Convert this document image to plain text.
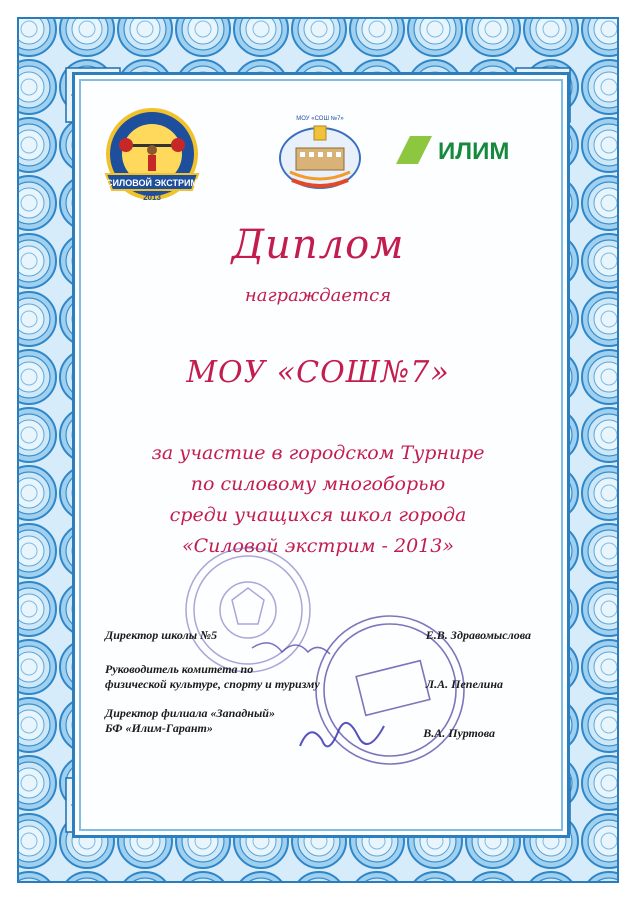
СИЛОВОЙ ЭКСТРИМ
2013
МОУ «СОШ №7»
ИЛИМ
Диплом
награждается
МОУ «СОШ№7»
за участие в городском Турнире
по силовому многоборью
среди учащихся школ города
«Силовой экстрим - 2013»
Директор школы №5	Е.В. Здравомыслова
Руководитель комитета по
физической культуре, спорту и туризму	Л.А. Пепелина
Директор филиала «Западный»
БФ «Илим-Гарант»	В.А. Пуртова
